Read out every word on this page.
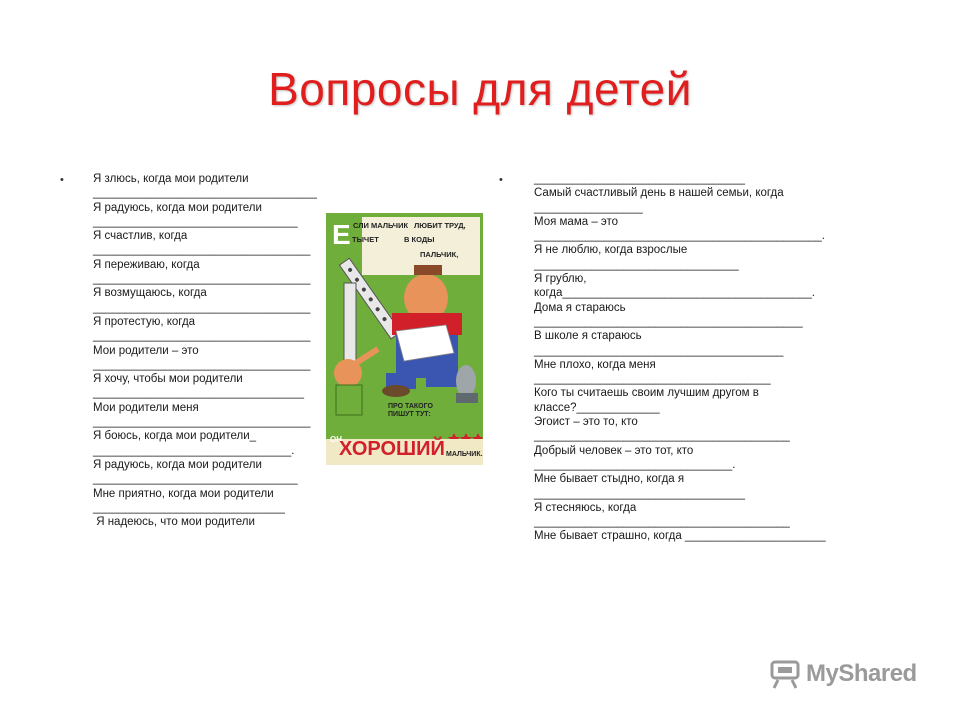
Вопросы для детей
•	•
Я злюсь, когда мои родители
___________________________________
Я радуюсь, когда мои родители
________________________________
Я счастлив, когда
__________________________________
Я переживаю, когда
__________________________________
Я возмущаюсь, когда
__________________________________
Я протестую, когда
__________________________________
Мои родители – это
__________________________________
Я хочу, чтобы мои родители
_________________________________
Мои родители меня
__________________________________
Я боюсь, когда мои родители_
_______________________________.
Я радуюсь, когда мои родители
________________________________
Мне приятно, когда мои родители
______________________________
Я надеюсь, что мои родители
_________________________________
Самый счастливый день в нашей семьи, когда
_________________
Моя мама – это
_____________________________________________.
Я не люблю, когда взрослые
________________________________
Я грублю,
когда_______________________________________.
Дома я стараюсь
__________________________________________
В школе я стараюсь
_______________________________________
Мне плохо, когда меня
_____________________________________
Кого ты считаешь своим лучшим другом в
классе?_____________
Эгоист – это то, кто
________________________________________
Добрый человек – это тот, кто
_______________________________.
Мне бывает стыдно, когда я
_________________________________
Я стесняюсь, когда
________________________________________
Мне бывает страшно, когда ______________________
Е СЛИ МАЛЬЧИК ЛЮБИТ ТРУД,
ТЫЧЕТ	В КОДЫ
ПАЛЬЧИК,
ПРО ТАКОГО
ПИШУТ ТУТ:
ОН
ХОРОШИЙ МАЛЬЧИК.
MyShared
